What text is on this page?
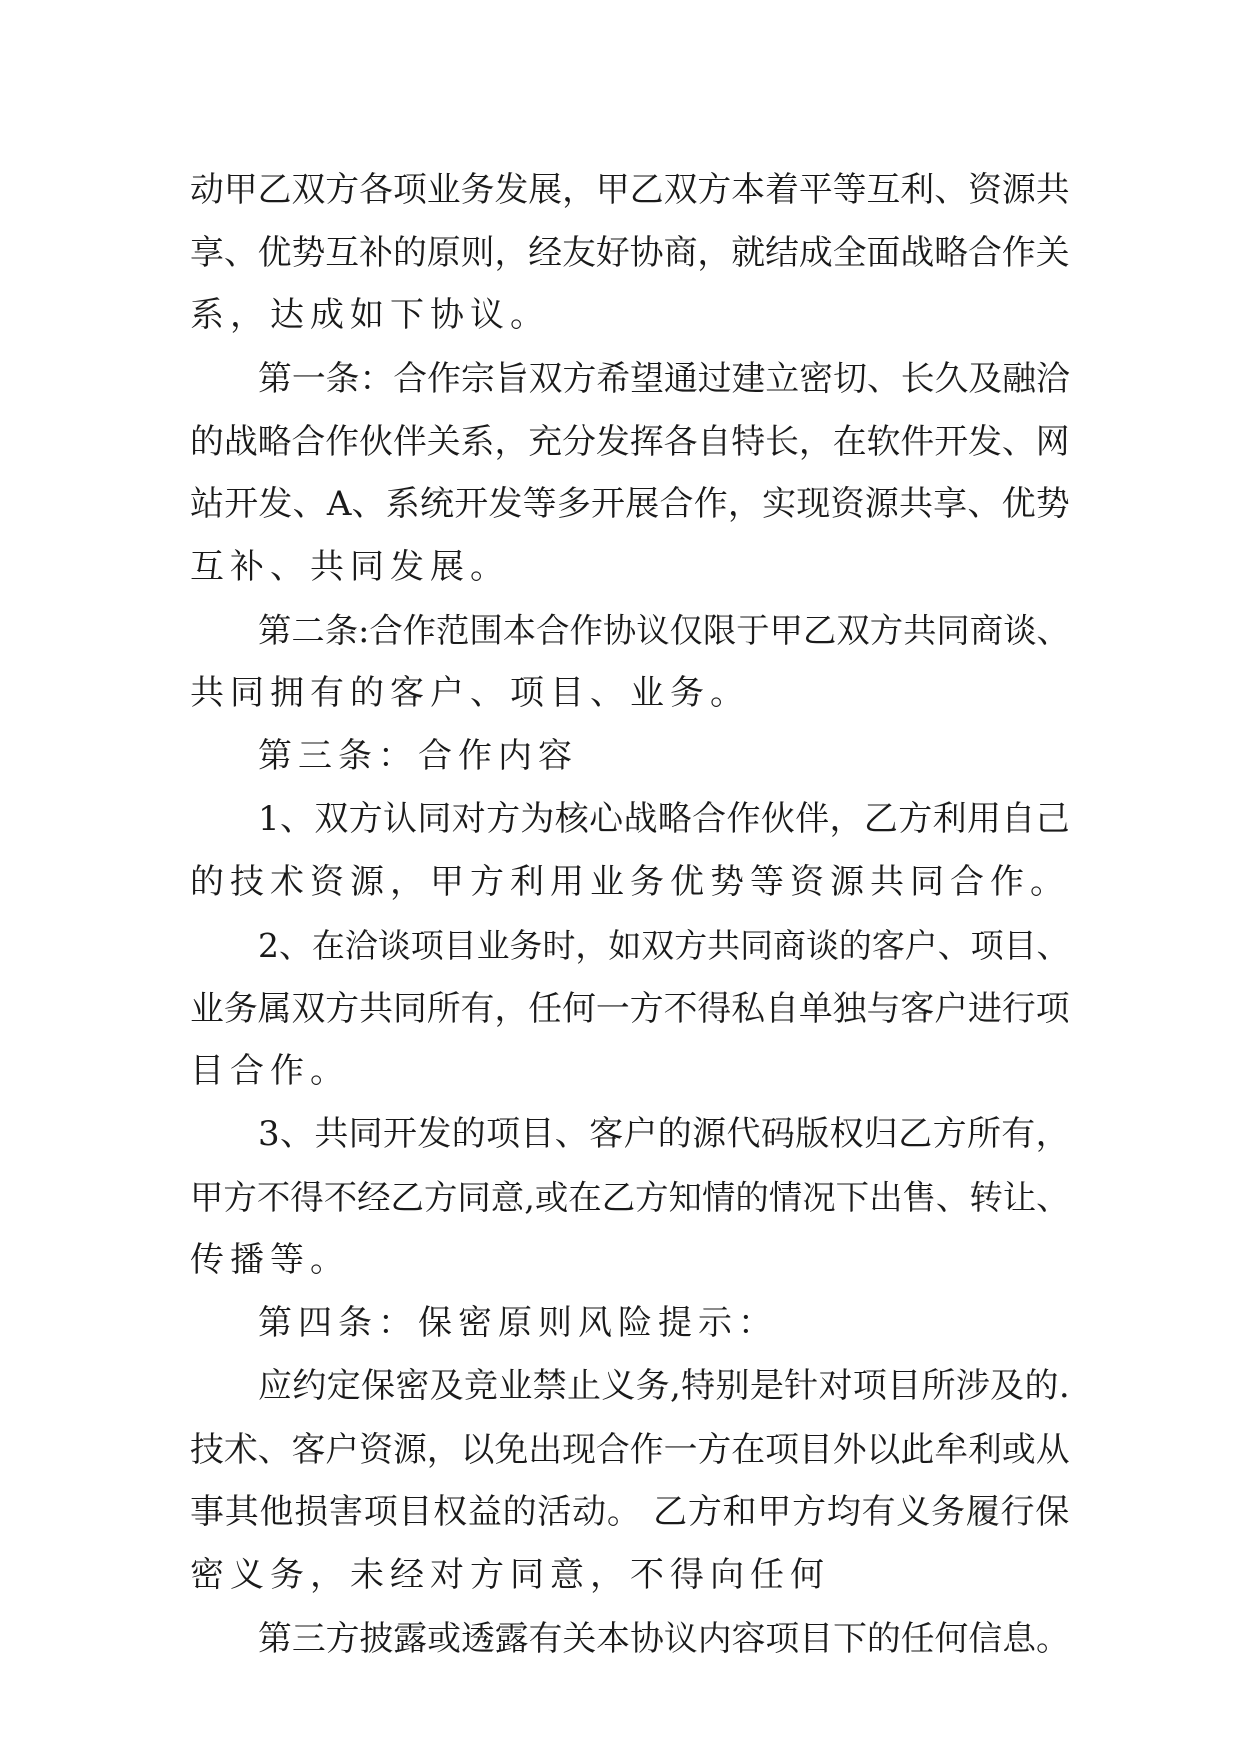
动甲乙双方各项业务发展，甲乙双方本着平等互利、资源共
享、优势互补的原则，经友好协商，就结成全面战略合作关
系，达成如下协议。
第一条：合作宗旨双方希望通过建立密切、长久及融洽
的战略合作伙伴关系，充分发挥各自特长，在软件开发、网
站开发、A、系统开发等多开展合作，实现资源共享、优势
互补、共同发展。
第二条:合作范围本合作协议仅限于甲乙双方共同商谈、
共同拥有的客户、项目、业务。
第三条：合作内容
1、双方认同对方为核心战略合作伙伴，乙方利用自己
的技术资源，甲方利用业务优势等资源共同合作。
2、在洽谈项目业务时，如双方共同商谈的客户、项目、
业务属双方共同所有，任何一方不得私自单独与客户进行项
目合作。
3、共同开发的项目、客户的源代码版权归乙方所有，
甲方不得不经乙方同意,或在乙方知情的情况下出售、转让、
传播等。
第四条：保密原则风险提示：
应约定保密及竞业禁止义务,特别是针对项目所涉及的.
技术、客户资源，以免出现合作一方在项目外以此牟利或从
事其他损害项目权益的活动。 乙方和甲方均有义务履行保
密义务，未经对方同意，不得向任何
第三方披露或透露有关本协议内容项目下的任何信息。
